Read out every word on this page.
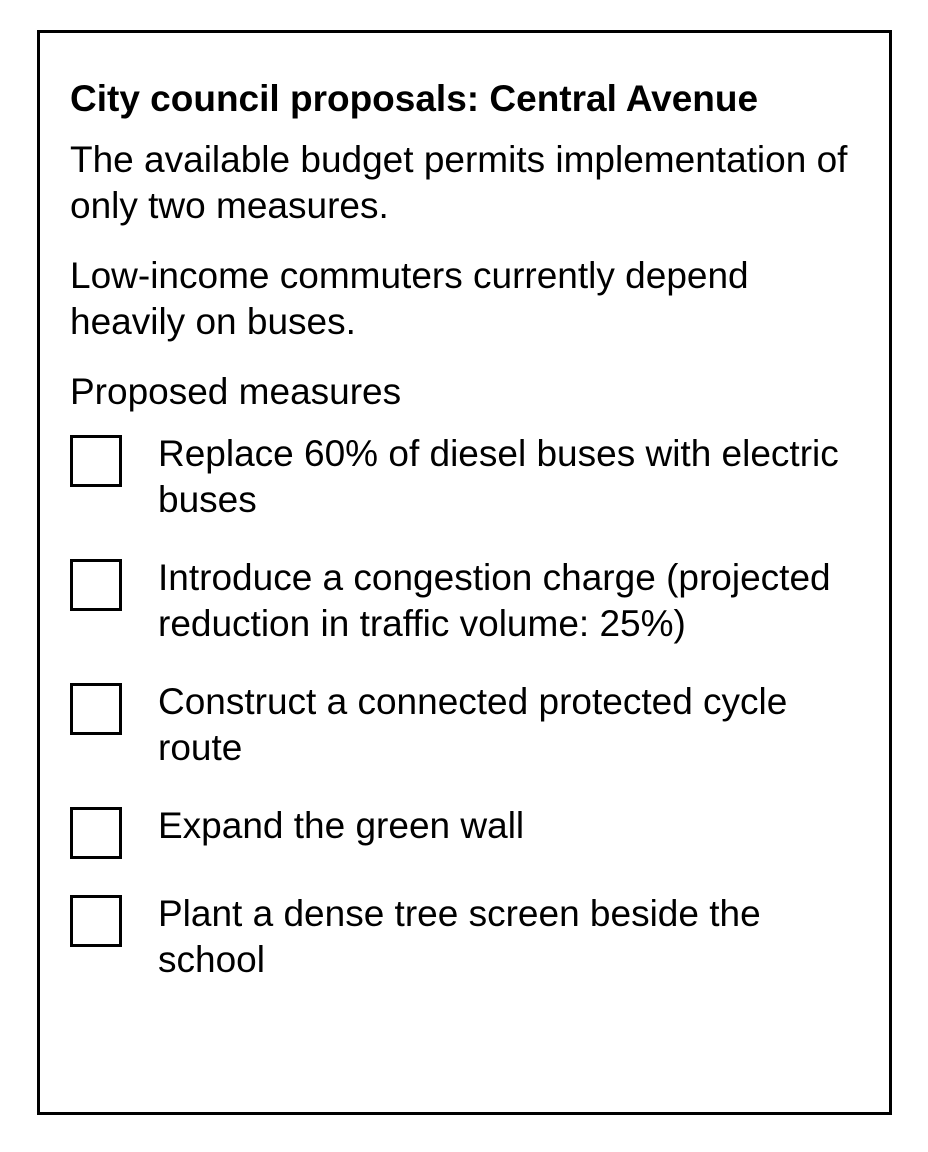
City council proposals: Central Avenue
The available budget permits implementation of only two measures.
Low-income commuters currently depend heavily on buses.
Proposed measures
Replace 60% of diesel buses with electric buses
Introduce a congestion charge (projected reduction in traffic volume: 25%)
Construct a connected protected cycle route
Expand the green wall
Plant a dense tree screen beside the school
